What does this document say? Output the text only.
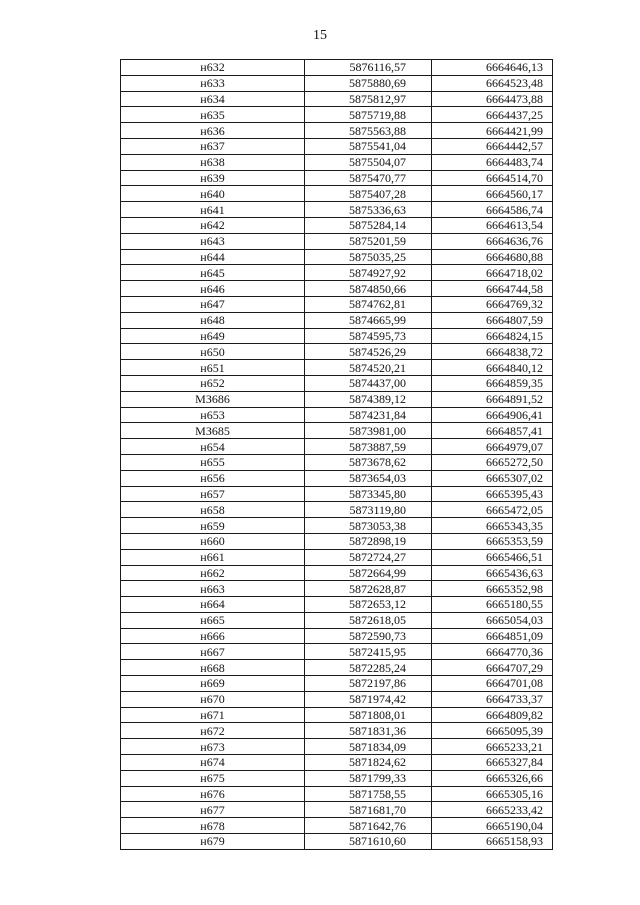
15
н632	5876116,57	6664646,13
н633	5875880,69	6664523,48
н634	5875812,97	6664473,88
н635	5875719,88	6664437,25
н636	5875563,88	6664421,99
н637	5875541,04	6664442,57
н638	5875504,07	6664483,74
н639	5875470,77	6664514,70
н640	5875407,28	6664560,17
н641	5875336,63	6664586,74
н642	5875284,14	6664613,54
н643	5875201,59	6664636,76
н644	5875035,25	6664680,88
н645	5874927,92	6664718,02
н646	5874850,66	6664744,58
н647	5874762,81	6664769,32
н648	5874665,99	6664807,59
н649	5874595,73	6664824,15
н650	5874526,29	6664838,72
н651	5874520,21	6664840,12
н652	5874437,00	6664859,35
МЗ686	5874389,12	6664891,52
н653	5874231,84	6664906,41
МЗ685	5873981,00	6664857,41
н654	5873887,59	6664979,07
н655	5873678,62	6665272,50
н656	5873654,03	6665307,02
н657	5873345,80	6665395,43
н658	5873119,80	6665472,05
н659	5873053,38	6665343,35
н660	5872898,19	6665353,59
н661	5872724,27	6665466,51
н662	5872664,99	6665436,63
н663	5872628,87	6665352,98
н664	5872653,12	6665180,55
н665	5872618,05	6665054,03
н666	5872590,73	6664851,09
н667	5872415,95	6664770,36
н668	5872285,24	6664707,29
н669	5872197,86	6664701,08
н670	5871974,42	6664733,37
н671	5871808,01	6664809,82
н672	5871831,36	6665095,39
н673	5871834,09	6665233,21
н674	5871824,62	6665327,84
н675	5871799,33	6665326,66
н676	5871758,55	6665305,16
н677	5871681,70	6665233,42
н678	5871642,76	6665190,04
н679	5871610,60	6665158,93
